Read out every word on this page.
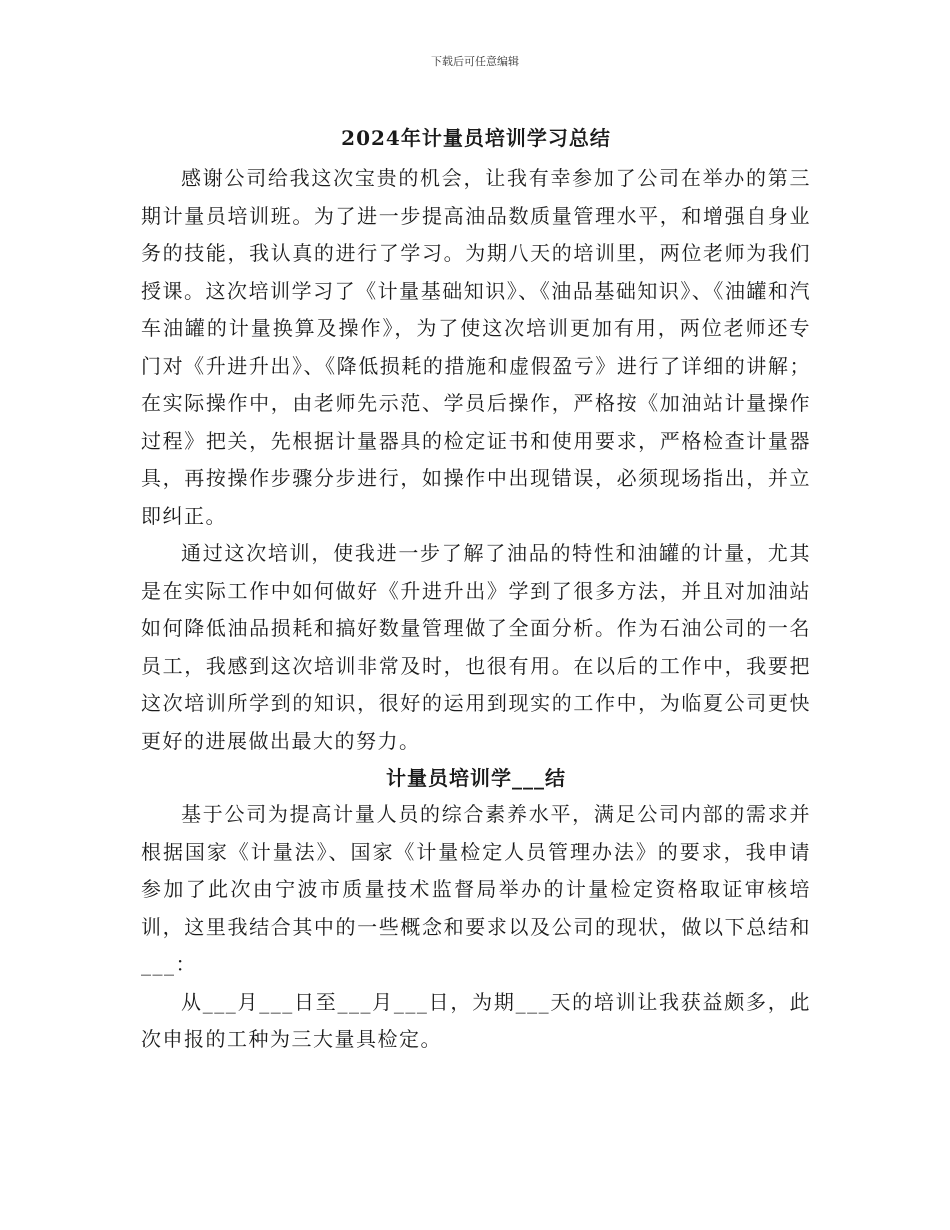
下载后可任意编辑
2024年计量员培训学习总结

感谢公司给我这次宝贵的机会，让我有幸参加了公司在举办的第三期计量员培训班。为了进一步提高油品数质量管理水平，和增强自身业务的技能，我认真的进行了学习。为期八天的培训里，两位老师为我们授课。这次培训学习了《计量基础知识》、《油品基础知识》、《油罐和汽车油罐的计量换算及操作》，为了使这次培训更加有用，两位老师还专门对《升进升出》、《降低损耗的措施和虚假盈亏》进行了详细的讲解；在实际操作中，由老师先示范、学员后操作，严格按《加油站计量操作过程》把关，先根据计量器具的检定证书和使用要求，严格检查计量器具，再按操作步骤分步进行，如操作中出现错误，必须现场指出，并立即纠正。

通过这次培训，使我进一步了解了油品的特性和油罐的计量，尤其是在实际工作中如何做好《升进升出》学到了很多方法，并且对加油站如何降低油品损耗和搞好数量管理做了全面分析。作为石油公司的一名员工，我感到这次培训非常及时，也很有用。在以后的工作中，我要把这次培训所学到的知识，很好的运用到现实的工作中，为临夏公司更快更好的进展做出最大的努力。

计量员培训学___结

基于公司为提高计量人员的综合素养水平，满足公司内部的需求并根据国家《计量法》、国家《计量检定人员管理办法》的要求，我申请参加了此次由宁波市质量技术监督局举办的计量检定资格取证审核培训，这里我结合其中的一些概念和要求以及公司的现状，做以下总结和___：

从___月___日至___月___日，为期___天的培训让我获益颇多，此次申报的工种为三大量具检定。
